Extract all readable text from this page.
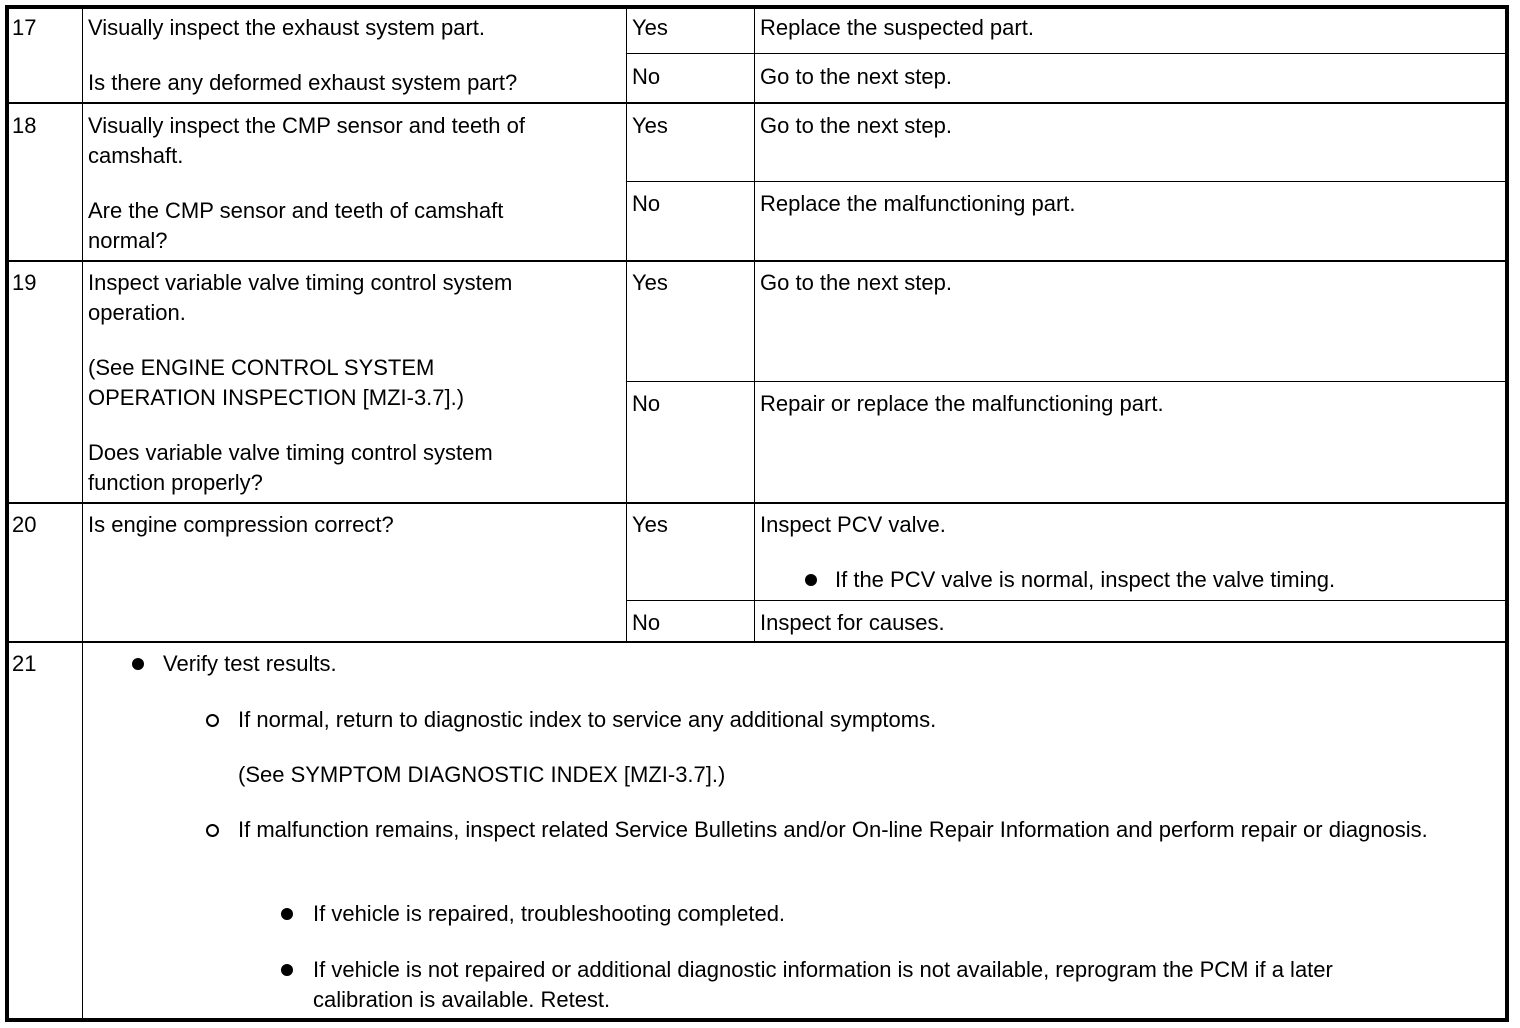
17 Visually inspect the exhaust system part.
Is there any deformed exhaust system part?
Yes	Replace the suspected part.
No	Go to the next step.
18 Visually inspect the CMP sensor and teeth of camshaft.
Are the CMP sensor and teeth of camshaft normal?
Yes	Go to the next step.
No	Replace the malfunctioning part.
19 Inspect variable valve timing control system operation.
(See ENGINE CONTROL SYSTEM OPERATION INSPECTION [MZI-3.7].)
Does variable valve timing control system function properly?
Yes	Go to the next step.
No	Repair or replace the malfunctioning part.
20 Is engine compression correct?	Yes	Inspect PCV valve.
If the PCV valve is normal, inspect the valve timing.
No	Inspect for causes.
21	Verify test results.
If normal, return to diagnostic index to service any additional symptoms.
(See SYMPTOM DIAGNOSTIC INDEX [MZI-3.7].)
If malfunction remains, inspect related Service Bulletins and/or On-line Repair Information and perform repair or diagnosis.
If vehicle is repaired, troubleshooting completed.
If vehicle is not repaired or additional diagnostic information is not available, reprogram the PCM if a later calibration is available. Retest.
